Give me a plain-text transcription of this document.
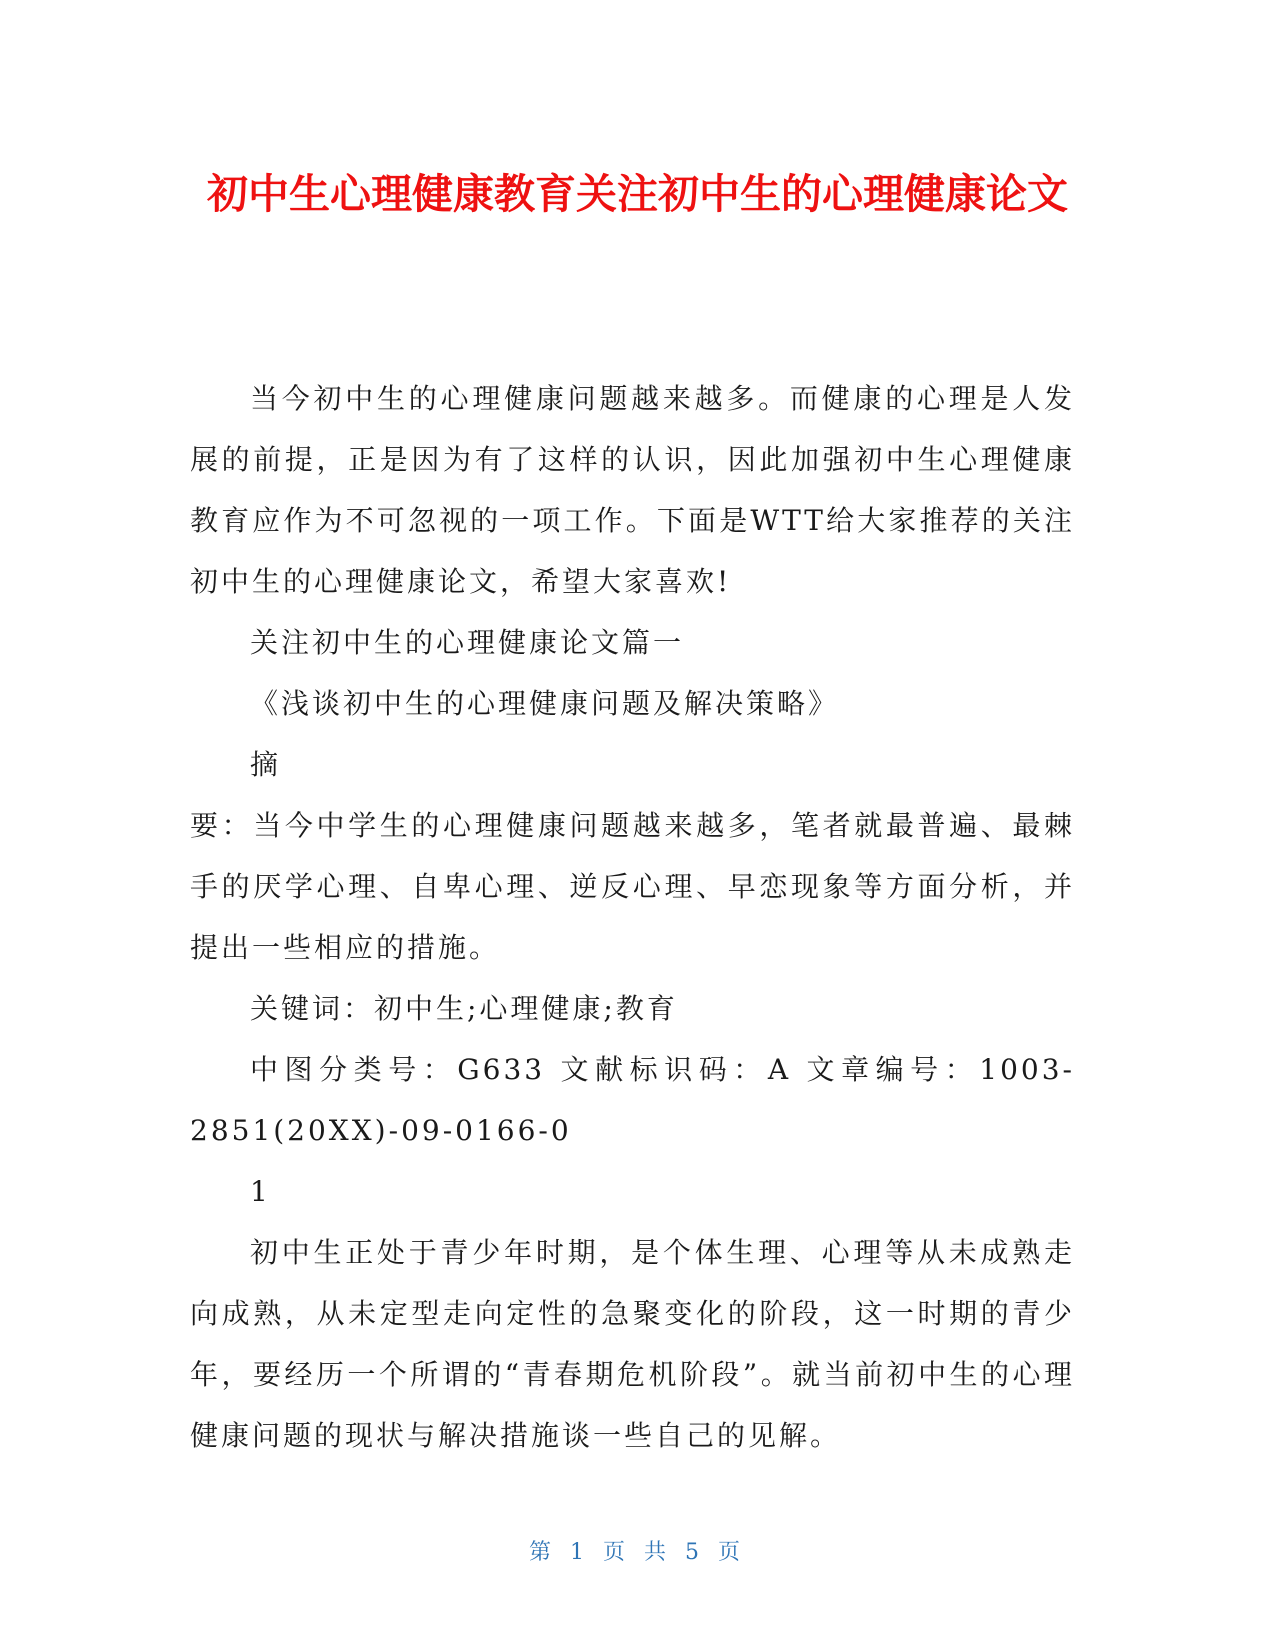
初中生心理健康教育关注初中生的心理健康论文

当今初中生的心理健康问题越来越多。而健康的心理是人发展的前提，正是因为有了这样的认识，因此加强初中生心理健康教育应作为不可忽视的一项工作。下面是WTT给大家推荐的关注初中生的心理健康论文，希望大家喜欢!

关注初中生的心理健康论文篇一

《浅谈初中生的心理健康问题及解决策略》

摘

要：当今中学生的心理健康问题越来越多，笔者就最普遍、最棘手的厌学心理、自卑心理、逆反心理、早恋现象等方面分析，并提出一些相应的措施。

关键词：初中生;心理健康;教育

中图分类号：G633 文献标识码：A 文章编号：1003-2851(20XX)-09-0166-0

1

初中生正处于青少年时期，是个体生理、心理等从未成熟走向成熟，从未定型走向定性的急聚变化的阶段，这一时期的青少年，要经历一个所谓的“青春期危机阶段”。就当前初中生的心理健康问题的现状与解决措施谈一些自己的见解。

第 1 页 共 5 页
